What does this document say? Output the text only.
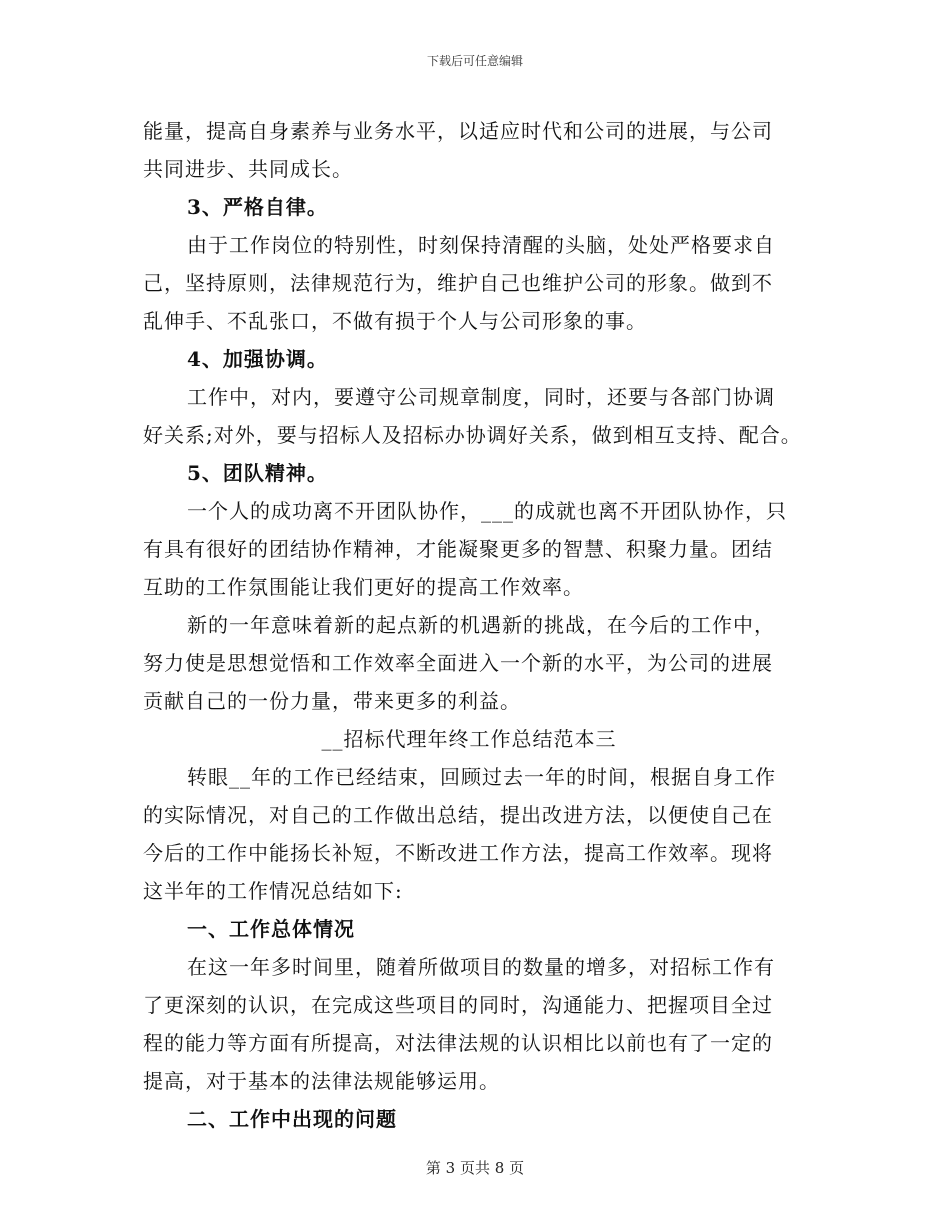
下载后可任意编辑
能量，提高自身素养与业务水平，以适应时代和公司的进展，与公司
共同进步、共同成长。
3、严格自律。
由于工作岗位的特别性，时刻保持清醒的头脑，处处严格要求自
己，坚持原则，法律规范行为，维护自己也维护公司的形象。做到不
乱伸手、不乱张口，不做有损于个人与公司形象的事。
4、加强协调。
工作中，对内，要遵守公司规章制度，同时，还要与各部门协调
好关系;对外，要与招标人及招标办协调好关系，做到相互支持、配合。
5、团队精神。
一个人的成功离不开团队协作，___的成就也离不开团队协作，只
有具有很好的团结协作精神，才能凝聚更多的智慧、积聚力量。团结
互助的工作氛围能让我们更好的提高工作效率。
新的一年意味着新的起点新的机遇新的挑战，在今后的工作中，
努力使是思想觉悟和工作效率全面进入一个新的水平，为公司的进展
贡献自己的一份力量，带来更多的利益。
__招标代理年终工作总结范本三
转眼__年的工作已经结束，回顾过去一年的时间，根据自身工作
的实际情况，对自己的工作做出总结，提出改进方法，以便使自己在
今后的工作中能扬长补短，不断改进工作方法，提高工作效率。现将
这半年的工作情况总结如下:
一、工作总体情况
在这一年多时间里，随着所做项目的数量的增多，对招标工作有
了更深刻的认识，在完成这些项目的同时，沟通能力、把握项目全过
程的能力等方面有所提高，对法律法规的认识相比以前也有了一定的
提高，对于基本的法律法规能够运用。
二、工作中出现的问题
第 3 页共 8 页
